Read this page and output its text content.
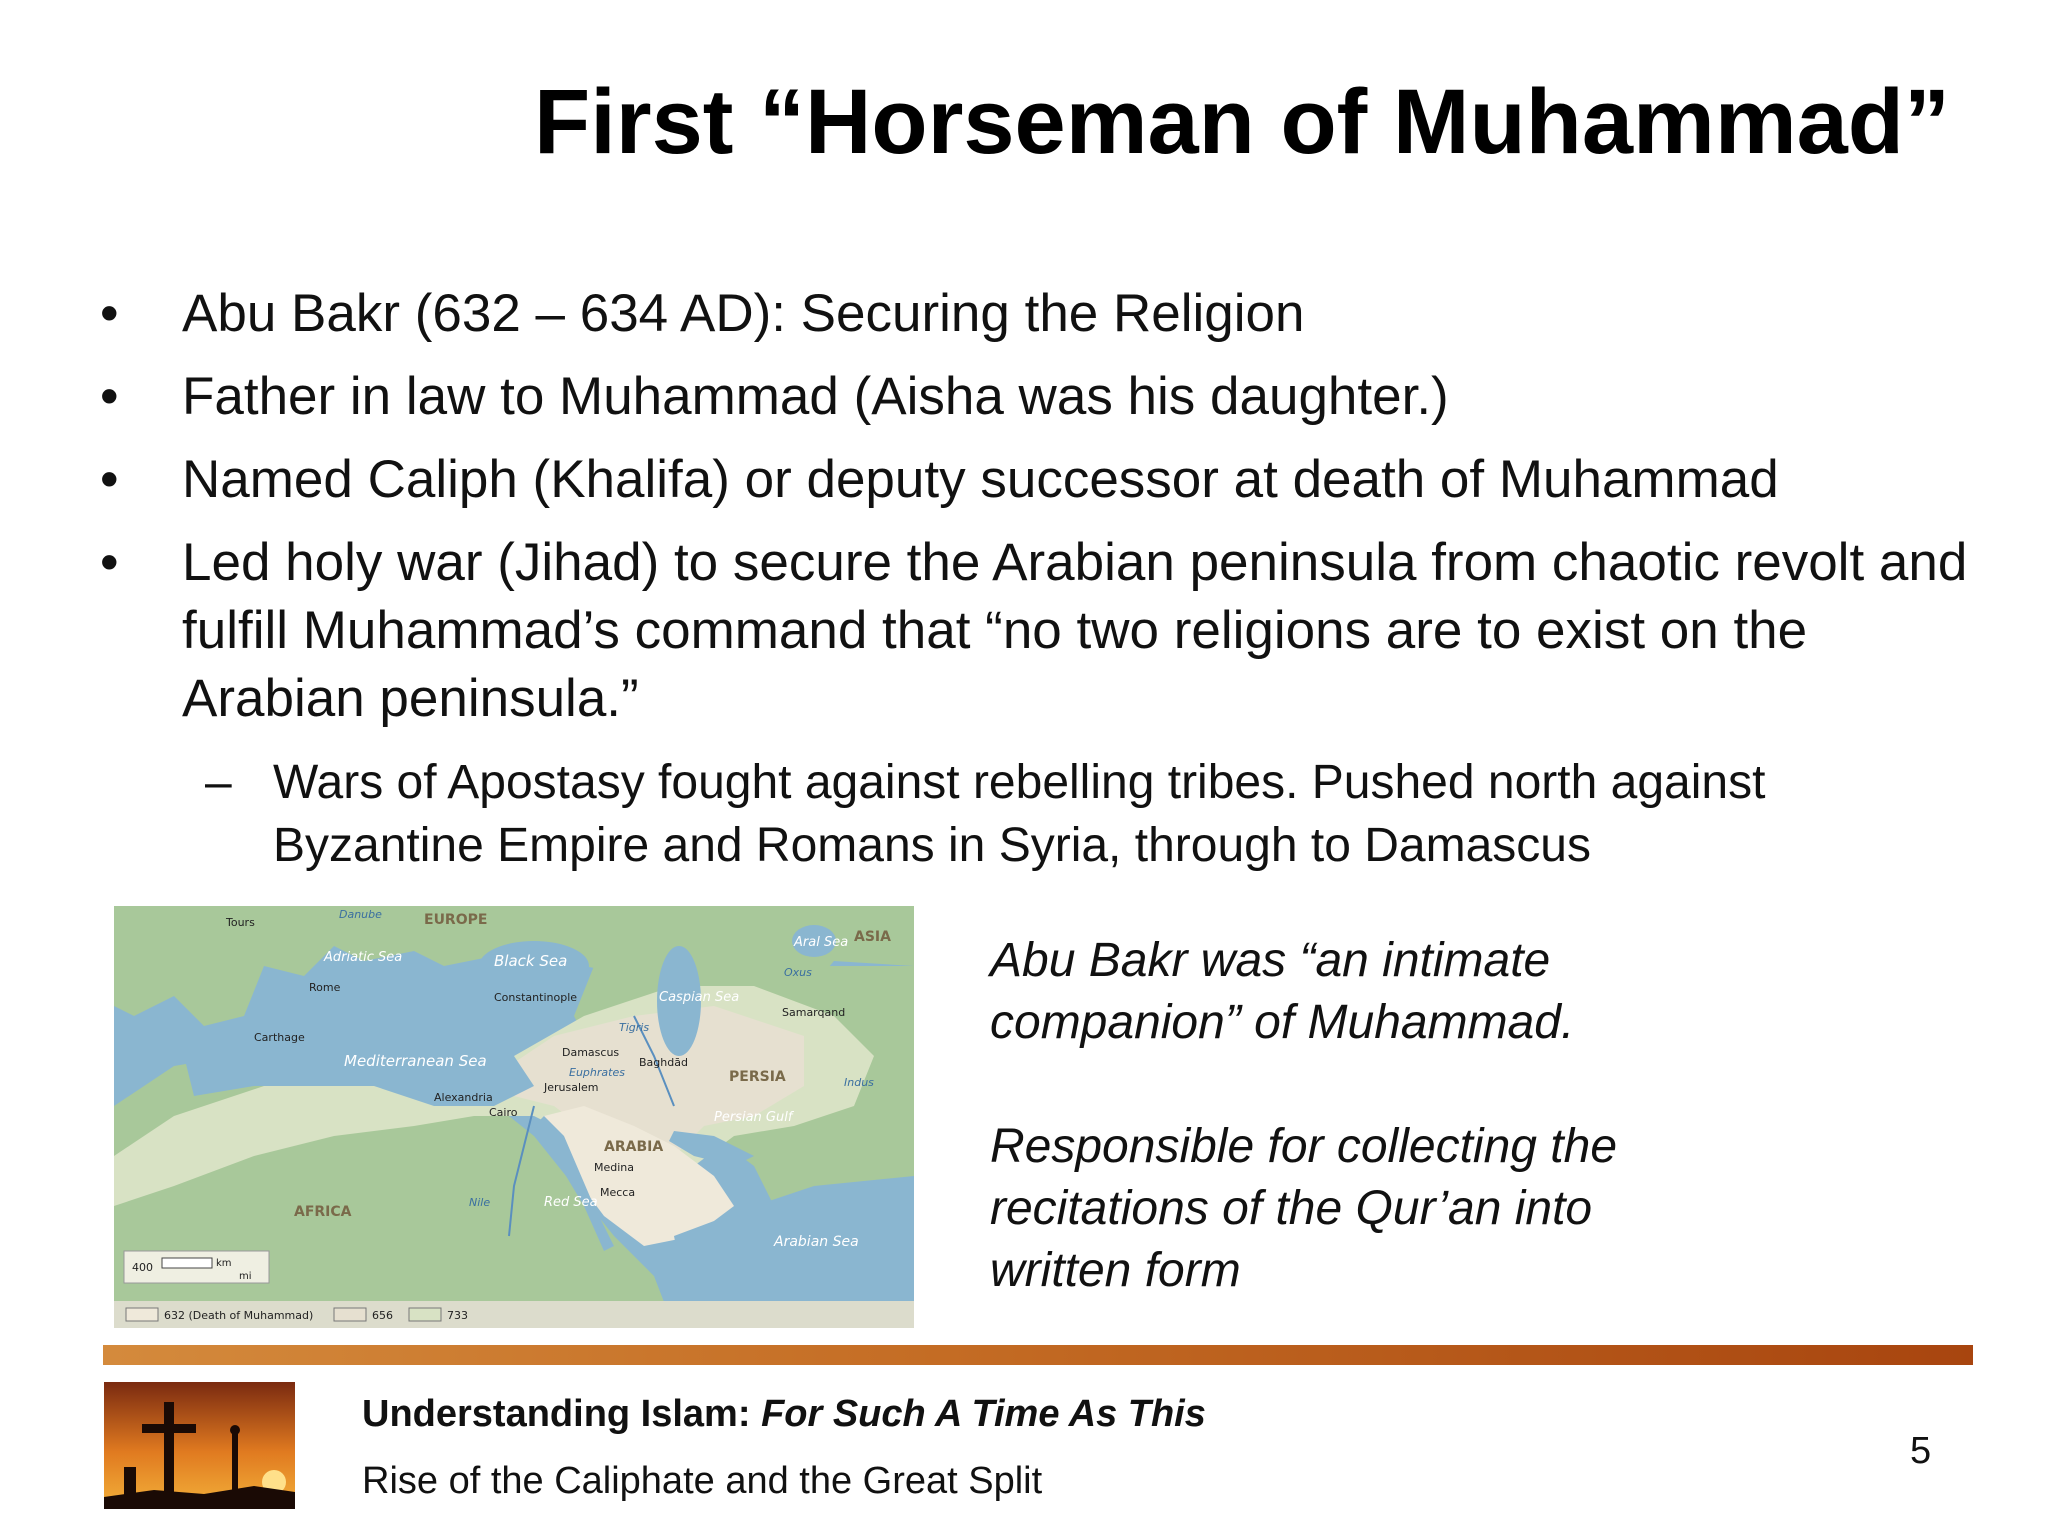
First “Horseman of Muhammad”
• Abu Bakr (632 – 634 AD): Securing the Religion
• Father in law to Muhammad (Aisha was his daughter.)
• Named Caliph (Khalifa) or deputy successor at death of Muhammad
• Led holy war (Jihad) to secure the Arabian peninsula from chaotic revolt and fulfill Muhammad’s command that “no two religions are to exist on the Arabian peninsula.”
– Wars of Apostasy fought against rebelling tribes. Pushed north against Byzantine Empire and Romans in Syria, through to Damascus
EUROPE
ASIA
AFRICA
PERSIA
ARABIA
Black Sea
Caspian Sea
Aral Sea
Adriatic Sea
Mediterranean Sea
Persian Gulf
Red Sea
Arabian Sea
Danube
Oxus
Tigris
Euphrates
Indus
Nile
Tours
Rome
Carthage
Constantinople
Samarqand
Damascus
Baghdād
Jerusalem
Alexandria
Cairo
Medina
Mecca
400	km
mi
632 (Death of Muhammad)	656	733

Abu Bakr was “an intimate companion” of Muhammad.

Responsible for collecting the recitations of the Qur’an into written form

Understanding Islam: For Such A Time As This
Rise of the Caliphate and the Great Split
5
